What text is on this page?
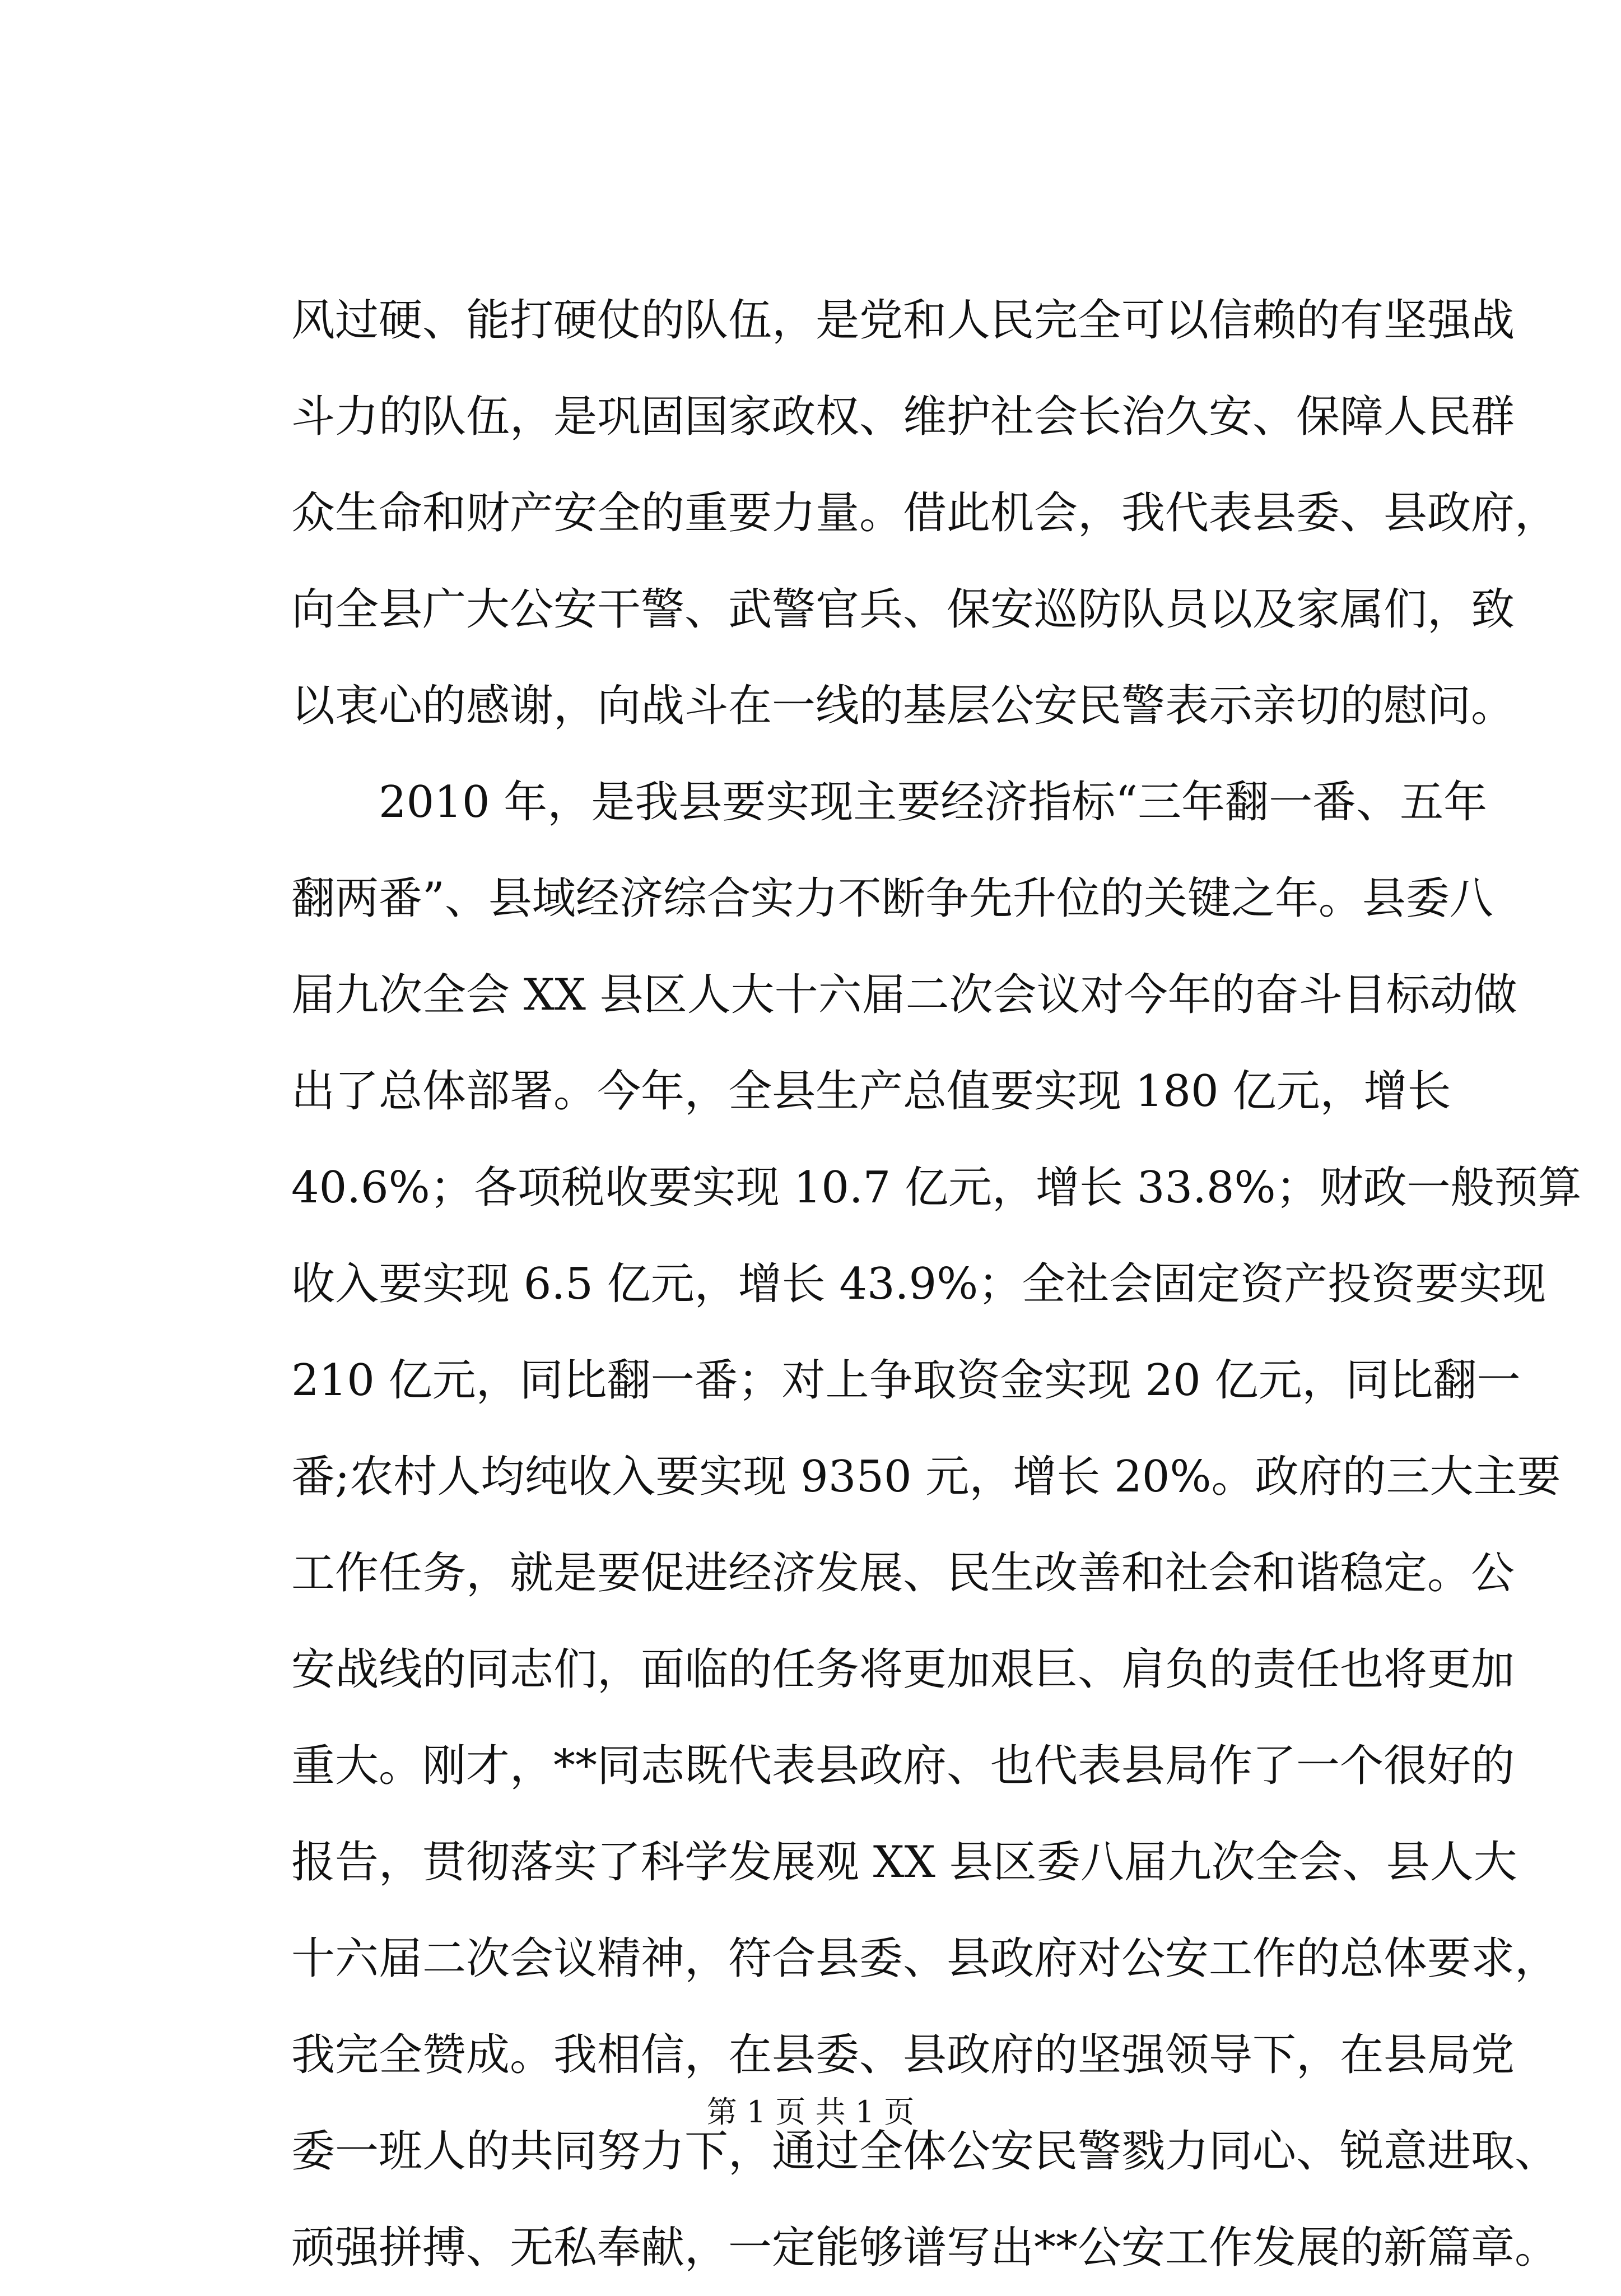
风过硬、能打硬仗的队伍，是党和人民完全可以信赖的有坚强战
斗力的队伍，是巩固国家政权、维护社会长治久安、保障人民群
众生命和财产安全的重要力量。借此机会，我代表县委、县政府，
向全县广大公安干警、武警官兵、保安巡防队员以及家属们，致
以衷心的感谢，向战斗在一线的基层公安民警表示亲切的慰问。
　　2010 年，是我县要实现主要经济指标“三年翻一番、五年
翻两番”、县域经济综合实力不断争先升位的关键之年。县委八
届九次全会 XX 县区人大十六届二次会议对今年的奋斗目标动做
出了总体部署。今年，全县生产总值要实现 180 亿元，增长
40.6%；各项税收要实现 10.7 亿元，增长 33.8%；财政一般预算
收入要实现 6.5 亿元，增长 43.9%；全社会固定资产投资要实现
210 亿元，同比翻一番；对上争取资金实现 20 亿元，同比翻一
番;农村人均纯收入要实现 9350 元，增长 20%。政府的三大主要
工作任务，就是要促进经济发展、民生改善和社会和谐稳定。公
安战线的同志们，面临的任务将更加艰巨、肩负的责任也将更加
重大。刚才，**同志既代表县政府、也代表县局作了一个很好的
报告，贯彻落实了科学发展观 XX 县区委八届九次全会、县人大
十六届二次会议精神，符合县委、县政府对公安工作的总体要求，
我完全赞成。我相信，在县委、县政府的坚强领导下，在县局党
委一班人的共同努力下，通过全体公安民警戮力同心、锐意进取、
顽强拼搏、无私奉献，一定能够谱写出**公安工作发展的新篇章。
第 1 页 共 1 页
